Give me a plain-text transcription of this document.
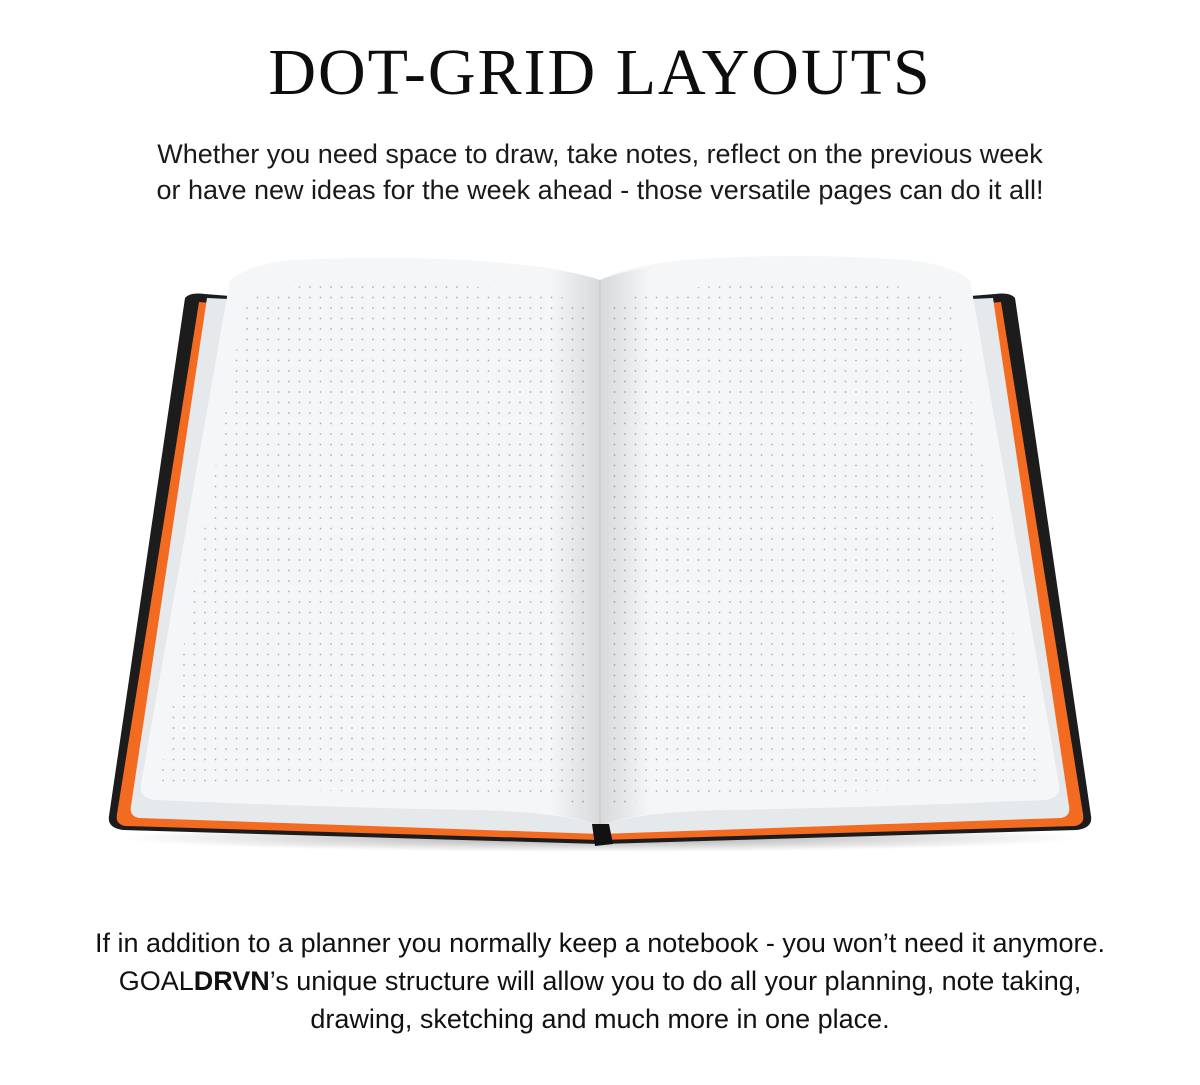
DOT-GRID LAYOUTS

Whether you need space to draw, take notes, reflect on the previous week
or have new ideas for the week ahead - those versatile pages can do it all!

If in addition to a planner you normally keep a notebook - you won’t need it anymore.
GOALDRVN’s unique structure will allow you to do all your planning, note taking,
drawing, sketching and much more in one place.
